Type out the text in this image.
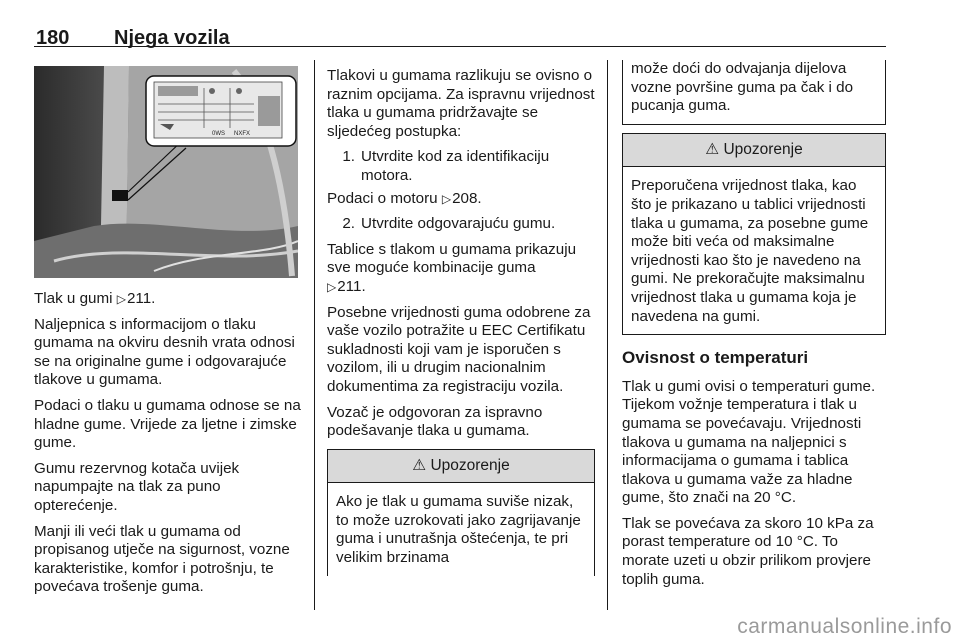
180 Njega vozila
0WS NXFX

Tlak u gumi ▷211.

Naljepnica s informacijom o tlaku gumama na okviru desnih vrata odnosi se na originalne gume i odgovarajuće tlakove u gumama.

Podaci o tlaku u gumama odnose se na hladne gume. Vrijede za ljetne i zimske gume.

Gumu rezervnog kotača uvijek napumpajte na tlak za puno opterećenje.

Manji ili veći tlak u gumama od propisanog utječe na sigurnost, vozne karakteristike, komfor i potrošnju, te povećava trošenje guma.

Tlakovi u gumama razlikuju se ovisno o raznim opcijama. Za ispravnu vrijednost tlaka u gumama pridržavajte se sljedećeg postupka:

1. Utvrdite kod za identifikaciju motora.

Podaci o motoru ▷208.

2. Utvrdite odgovarajuću gumu.

Tablice s tlakom u gumama prikazuju sve moguće kombinacije guma
▷211.

Posebne vrijednosti guma odobrene za vaše vozilo potražite u EEC Certifikatu sukladnosti koji vam je isporučen s vozilom, ili u drugim nacionalnim dokumentima za registraciju vozila.

Vozač je odgovoran za ispravno podešavanje tlaka u gumama.

⚠ Upozorenje
Ako je tlak u gumama suviše nizak, to može uzrokovati jako zagrijavanje guma i unutrašnja oštećenja, te pri velikim brzinama
može doći do odvajanja dijelova vozne površine guma pa čak i do pucanja guma.
⚠ Upozorenje
Preporučena vrijednost tlaka, kao što je prikazano u tablici vrijednosti tlaka u gumama, za posebne gume može biti veća od maksimalne vrijednosti kao što je navedeno na gumi. Ne prekoračujte maksimalnu vrijednost tlaka u gumama koja je navedena na gumi.
Ovisnost o temperaturi

Tlak u gumi ovisi o temperaturi gume. Tijekom vožnje temperatura i tlak u gumama se povećavaju. Vrijednosti tlakova u gumama na naljepnici s informacijama o gumama i tablica tlakova u gumama važe za hladne gume, što znači na 20 °C.

Tlak se povećava za skoro 10 kPa za porast temperature od 10 °C. To morate uzeti u obzir prilikom provjere toplih guma.

carmanualsonline.info
